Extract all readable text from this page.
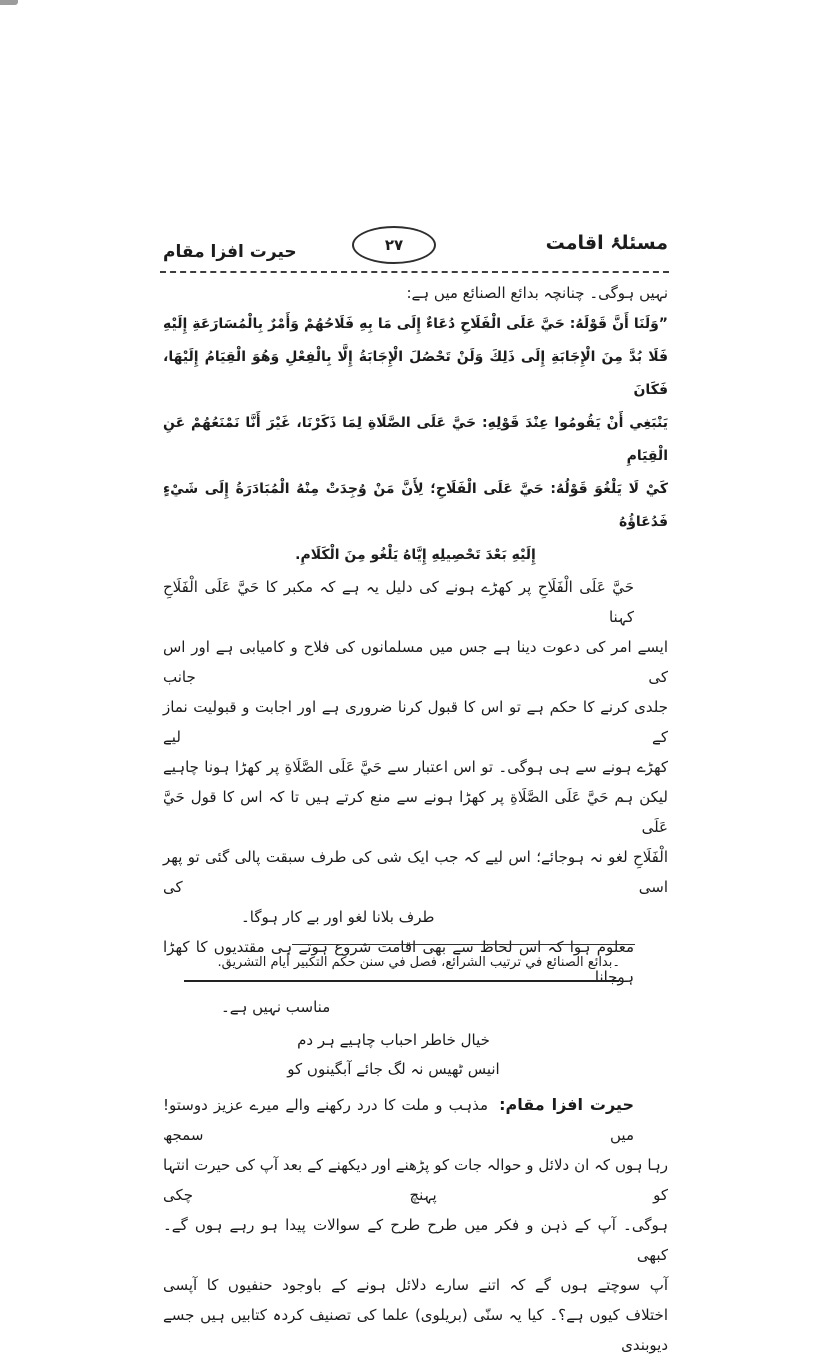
مسئلۂ اقامت
۲۷
حیرت افزا مقام
نہیں ہوگی۔ چنانچہ بدائع الصنائع میں ہے:
”وَلَنَا أَنَّ قَوْلَهُ: حَيَّ عَلَى الْفَلَاحِ دُعَاءٌ إِلَى مَا بِهِ فَلَاحُهُمْ وَأَمْرٌ بِالْمُسَارَعَةِ إِلَيْهِ
فَلَا بُدَّ مِنَ الْإِجَابَةِ إِلَى ذَلِكَ وَلَنْ تَحْصُلَ الْإِجَابَةُ إِلَّا بِالْفِعْلِ وَهُوَ الْقِيَامُ إِلَيْهَا، فَكَانَ
يَنْبَغِي أَنْ يَقُومُوا عِنْدَ قَوْلِهِ: حَيَّ عَلَى الصَّلَاةِ لِمَا ذَكَرْنَا، غَيْرَ أَنَّا نَمْنَعُهُمْ عَنِ الْقِيَامِ
كَيْ لَا يَلْغُوَ قَوْلُهُ: حَيَّ عَلَى الْفَلَاحِ؛ لِأَنَّ مَنْ وُجِدَتْ مِنْهُ الْمُبَادَرَةُ إِلَى شَيْءٍ فَدُعَاؤُهُ
إِلَيْهِ بَعْدَ تَحْصِيلِهِ إِيَّاهُ يَلْغُو مِنَ الْكَلَامِ.
حَيَّ عَلَى الْفَلَاحِ پر کھڑے ہونے کی دلیل یہ ہے کہ مکبر کا حَيَّ عَلَى الْفَلَاحِ کہنا
ایسے امر کی دعوت دینا ہے جس میں مسلمانوں کی فلاح و کامیابی ہے اور اس کی جانب
جلدی کرنے کا حکم ہے تو اس کا قبول کرنا ضروری ہے اور اجابت و قبولیت نماز کے لیے
کھڑے ہونے سے ہی ہوگی۔ تو اس اعتبار سے حَيَّ عَلَى الصَّلَاةِ پر کھڑا ہونا چاہیے
لیکن ہم حَيَّ عَلَى الصَّلَاةِ پر کھڑا ہونے سے منع کرتے ہیں تا کہ اس کا قول حَيَّ عَلَى
الْفَلَاحِ لغو نہ ہوجائے؛ اس لیے کہ جب ایک شی کی طرف سبقت پالی گئی تو پھر اسی کی
طرف بلانا لغو اور بے کار ہوگا۔
معلوم ہوا کہ اس لحاظ سے بھی اقامت شروع ہوتے ہی مقتدیوں کا کھڑا ہوجانا
مناسب نہیں ہے۔
خیال خاطر احباب چاہیے ہر دم
انیس ٹھیس نہ لگ جائے آبگینوں کو
حیرت افزا مقام: مذہب و ملت کا درد رکھنے والے میرے عزیز دوستو! میں سمجھ
رہا ہوں کہ ان دلائل و حوالہ جات کو پڑھنے اور دیکھنے کے بعد آپ کی حیرت انتہا کو پہنچ چکی
ہوگی۔ آپ کے ذہن و فکر میں طرح طرح کے سوالات پیدا ہو رہے ہوں گے۔ کبھی
آپ سوچتے ہوں گے کہ اتنے سارے دلائل ہونے کے باوجود حنفیوں کا آپسی
اختلاف کیوں ہے؟۔ کیا یہ سنّی (بریلوی) علما کی تصنیف کردہ کتابیں ہیں جسے دیوبندی
۔بدائع الصنائع في ترتيب الشرائع، فصل في سنن حكم التكبير أيام التشريق.
